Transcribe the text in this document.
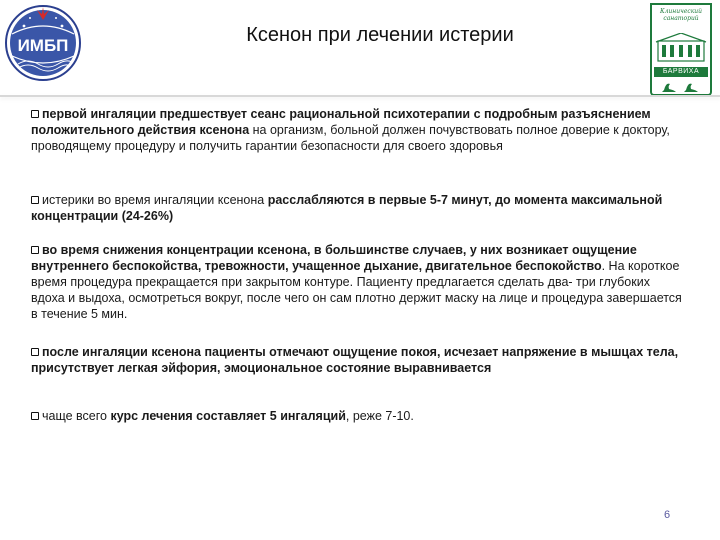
ИМБП	Ксенон при лечении истерии
Клинический санаторий
БАРВИХА

первой ингаляции предшествует сеанс рациональной психотерапии с подробным разъяснением положительного действия ксенона на организм, больной должен почувствовать полное доверие к доктору, проводящему процедуру и получить гарантии безопасности для своего здоровья

истерики во время ингаляции ксенона расслабляются в первые 5-7 минут, до момента максимальной концентрации (24-26%)

во время снижения концентрации ксенона, в большинстве случаев, у них возникает ощущение внутреннего беспокойства, тревожности, учащенное дыхание, двигательное беспокойство. На короткое время процедура прекращается при закрытом контуре. Пациенту предлагается сделать два- три глубоких вдоха и выдоха, осмотреться вокруг, после чего он сам плотно держит маску на лице и процедура завершается в течение 5 мин.

после ингаляции ксенона пациенты отмечают ощущение покоя, исчезает напряжение в мышцах тела, присутствует легкая эйфория, эмоциональное состояние выравнивается

чаще всего курс лечения составляет 5 ингаляций, реже 7-10.

6
